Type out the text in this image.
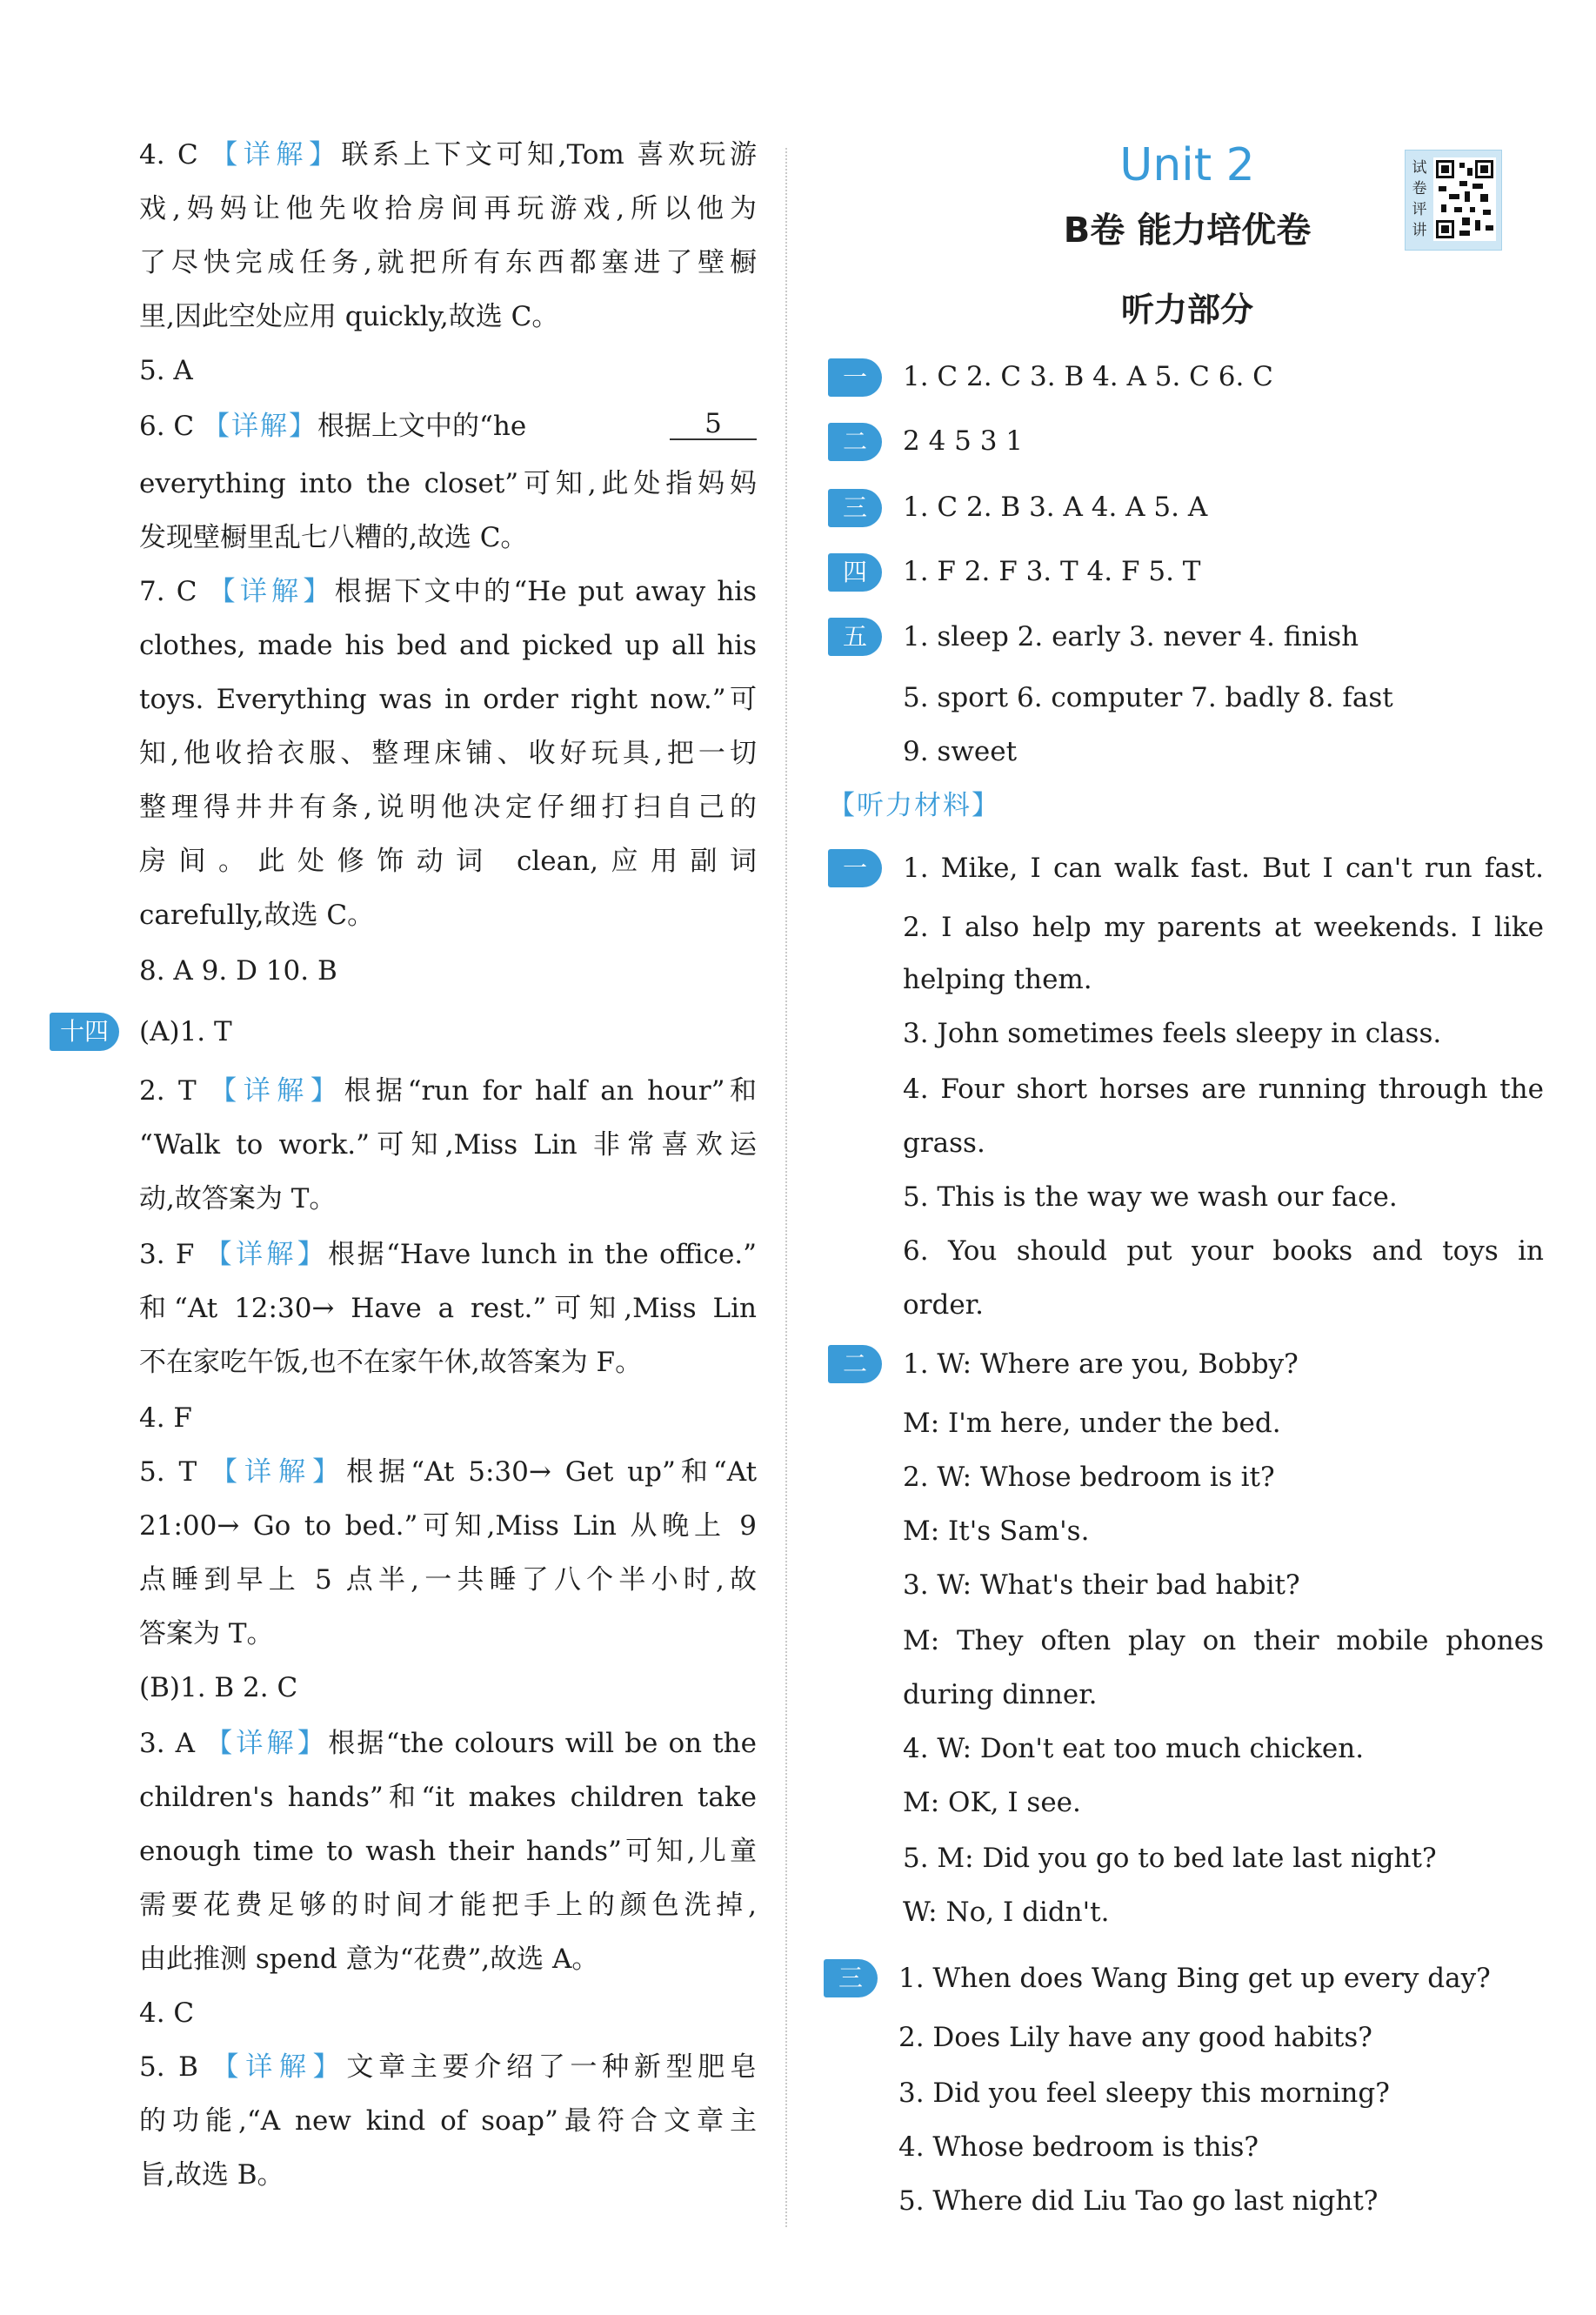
4. C 【详解】联系上下文可知,Tom 喜欢玩游
戏,妈妈让他先收拾房间再玩游戏,所以他为
了尽快完成任务,就把所有东西都塞进了壁橱
里,因此空处应用 quickly,故选 C。
5. A
6. C 【详解】根据上文中的“he	5
everything into the closet”可知,此处指妈妈
发现壁橱里乱七八糟的,故选 C。
7. C 【详解】根据下文中的“He put away his
clothes, made his bed and picked up all his
toys. Everything was in order right now.”可
知,他收拾衣服、整理床铺、收好玩具,把一切
整理得井井有条,说明他决定仔细打扫自己的
房间。此处修饰动词 clean,应用副词
carefully,故选 C。
8. A 9. D 10. B
十四	(A)1. T
2. T 【详解】根据“run for half an hour”和
“Walk to work.”可知,Miss Lin 非常喜欢运
动,故答案为 T。
3. F 【详解】根据“Have lunch in the office.”
和“At 12:30→ Have a rest.”可知,Miss Lin
不在家吃午饭,也不在家午休,故答案为 F。
4. F
5. T 【详解】根据“At 5:30→ Get up”和“At
21:00→ Go to bed.”可知,Miss Lin 从晚上 9
点睡到早上 5 点半,一共睡了八个半小时,故
答案为 T。
(B)1. B 2. C
3. A 【详解】根据“the colours will be on the
children's hands”和“it makes children take
enough time to wash their hands”可知,儿童
需要花费足够的时间才能把手上的颜色洗掉,
由此推测 spend 意为“花费”,故选 A。
4. C
5. B 【详解】文章主要介绍了一种新型肥皂
的功能,“A new kind of soap”最符合文章主
旨,故选 B。
Unit 2
B卷 能力培优卷
试卷评讲
听力部分
一	1. C 2. C 3. B 4. A 5. C 6. C
二	2 4 5 3 1
三	1. C 2. B 3. A 4. A 5. A
四	1. F 2. F 3. T 4. F 5. T
五	1. sleep 2. early 3. never 4. finish
5. sport 6. computer 7. badly 8. fast
9. sweet
【听力材料】
一	1. Mike, I can walk fast. But I can't run fast.
2. I also help my parents at weekends. I like
helping them.
3. John sometimes feels sleepy in class.
4. Four short horses are running through the
grass.
5. This is the way we wash our face.
6. You should put your books and toys in
order.
二	1. W: Where are you, Bobby?
M: I'm here, under the bed.
2. W: Whose bedroom is it?
M: It's Sam's.
3. W: What's their bad habit?
M: They often play on their mobile phones
during dinner.
4. W: Don't eat too much chicken.
M: OK, I see.
5. M: Did you go to bed late last night?
W: No, I didn't.
三	1. When does Wang Bing get up every day?
2. Does Lily have any good habits?
3. Did you feel sleepy this morning?
4. Whose bedroom is this?
5. Where did Liu Tao go last night?
